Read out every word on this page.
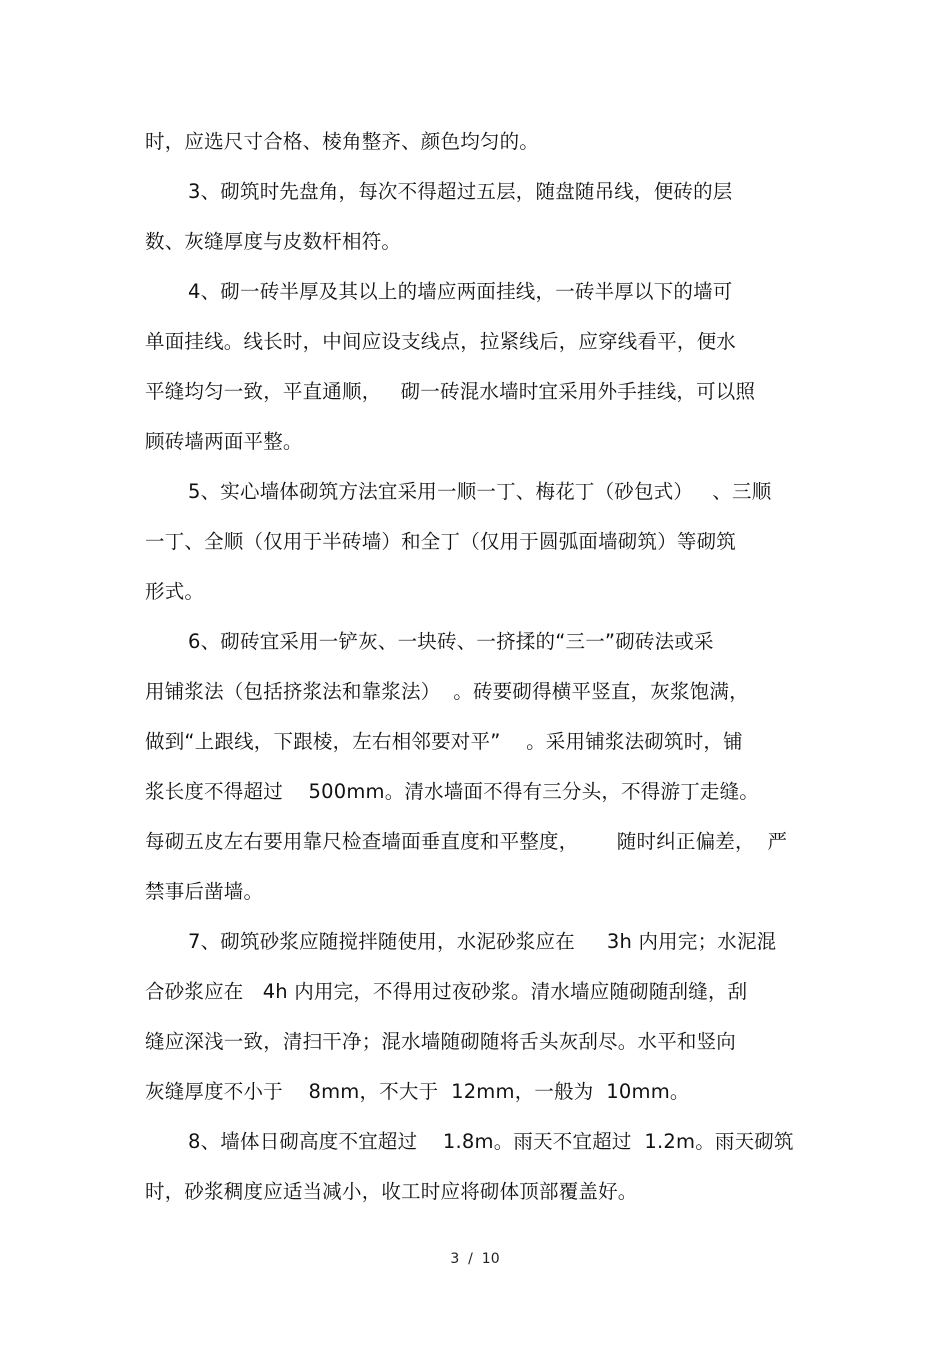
时，应选尺寸合格、棱角整齐、颜色均匀的。
3、砌筑时先盘角，每次不得超过五层，随盘随吊线，便砖的层
数、灰缝厚度与皮数杆相符。
4、砌一砖半厚及其以上的墙应两面挂线，一砖半厚以下的墙可
单面挂线。线长时，中间应设支线点，拉紧线后，应穿线看平，便水
平缝均匀一致，平直通顺，   砌一砖混水墙时宜采用外手挂线，可以照
顾砖墙两面平整。
5、实心墙体砌筑方法宜采用一顺一丁、梅花丁（砂包式）   、三顺
一丁、全顺（仅用于半砖墙）和全丁（仅用于圆弧面墙砌筑）等砌筑
形式。
6、砌砖宜采用一铲灰、一块砖、一挤揉的“三一”砌砖法或采
用铺浆法（包括挤浆法和靠浆法）  。砖要砌得横平竖直，灰浆饱满，
做到“上跟线，下跟棱，左右相邻要对平”    。采用铺浆法砌筑时，铺
浆长度不得超过    500mm。清水墙面不得有三分头，不得游丁走缝。
每砌五皮左右要用靠尺检查墙面垂直度和平整度，      随时纠正偏差，  严
禁事后凿墙。
7、砌筑砂浆应随搅拌随使用，水泥砂浆应在     3h 内用完；水泥混
合砂浆应在   4h 内用完，不得用过夜砂浆。清水墙应随砌随刮缝，刮
缝应深浅一致，清扫干净；混水墙随砌随将舌头灰刮尽。水平和竖向
灰缝厚度不小于    8mm，不大于  12mm，一般为  10mm。
8、墙体日砌高度不宜超过    1.8m。雨天不宜超过  1.2m。雨天砌筑
时，砂浆稠度应适当减小，收工时应将砌体顶部覆盖好。
3  /  10
